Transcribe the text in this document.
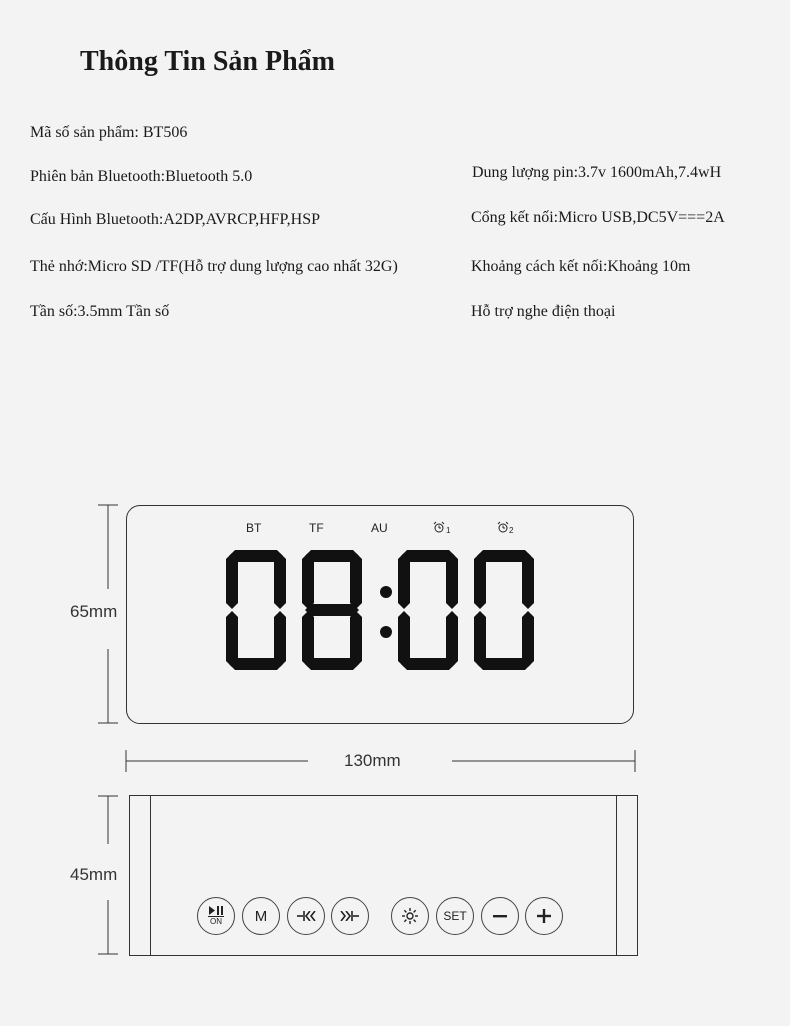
Thông Tin Sản Phẩm
Mã số sản phẩm: BT506
Phiên bản Bluetooth:Bluetooth 5.0
Cấu Hình Bluetooth:A2DP,AVRCP,HFP,HSP
Thẻ nhớ:Micro SD /TF(Hỗ trợ dung lượng cao nhất 32G)
Tần số:3.5mm Tần số
Dung lượng pin:3.7v 1600mAh,7.4wH
Cổng kết nối:Micro USB,DC5V===2A
Khoảng cách kết nối:Khoảng 10m
Hỗ trợ nghe điện thoại
65mm
BT	TF	AU	1	2
130mm
45mm
ON M	SET
